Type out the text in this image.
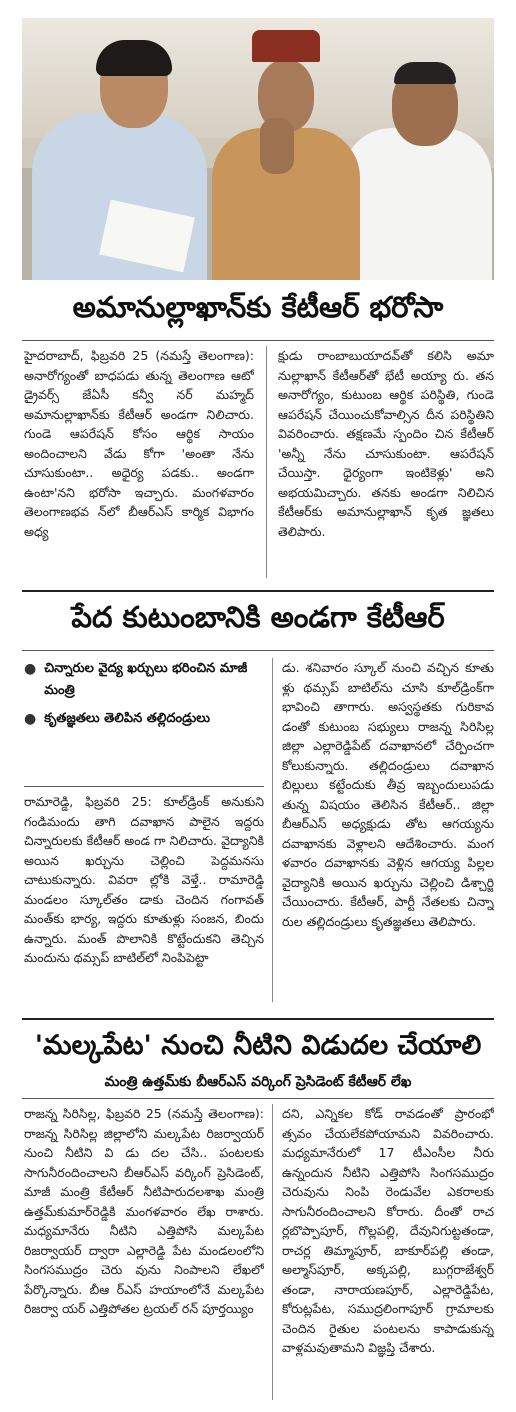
అమానుల్లాఖాన్‌కు కేటీఆర్ భరోసా

హైదరాబాద్, ఫిబ్రవరి 25 (నమస్తే తెలంగాణ): అనారోగ్యంతో బాధపడు తున్న తెలంగాణ ఆటో డ్రైవర్స్ జేఏసీ కన్వీ నర్ మహ్మద్ అమానుల్లాఖాన్‌కు కేటీఆర్ అండగా నిలిచారు. గుండె ఆపరేషన్ కోసం ఆర్థిక సాయం అందించాలని వేడు కోగా 'అంతా నేను చూసుకుంటా.. అధైర్య పడకు.. అండగా ఉంటా'నని భరోసా ఇచ్చారు. మంగళవారం తెలంగాణభవ న్‌లో బీఆర్ఎస్ కార్మిక విభాగం అధ్య

క్షుడు రాంబాబుయాదవ్‌తో కలిసి అమా నుల్లాఖాన్ కేటీఆర్‌తో భేటీ అయ్యా రు. తన అనారోగ్యం, కుటుంబ ఆర్థిక పరిస్థితి, గుండె ఆపరేషన్ చేయించుకోవాల్సిన దీన పరిస్థితిని వివరించారు. తక్షణమే స్పందిం చిన కేటీఆర్ 'అన్నీ నేను చూసుకుంటా. ఆపరేషన్ చేయిస్తా. ధైర్యంగా ఇంటికెళ్లు' అని అభయమిచ్చారు. తనకు అండగా నిలిచిన కేటీఆర్‌కు అమానుల్లాఖాన్ కృత జ్ఞతలు తెలిపారు.

పేద కుటుంబానికి అండగా కేటీఆర్
● చిన్నారుల వైద్య ఖర్చులు భరించిన మాజీ మంత్రి
● కృతజ్ఞతలు తెలిపిన తల్లిదండ్రులు

రామారెడ్డి, ఫిబ్రవరి 25: కూల్‌డ్రింక్ అనుకుని గండిమందు తాగి దవాఖాన పాలైన ఇద్దరు చిన్నారులకు కేటీఆర్ అండ గా నిలిచారు. వైద్యానికి అయిన ఖర్చును చెల్లించి పెద్దమనసు చాటుకున్నారు. వివరా ల్లోకి వెళ్తే.. రామారెడ్డి మండలం స్కూల్‌తం డాకు చెందిన గంగావత్ మంత్‌కు భార్య, ఇద్దరు కూతుళ్లు సంజన, బిందు ఉన్నారు. మంత్ పొలానికి కొట్టేందుకని తెచ్చిన మందును థమ్సప్ బాటిల్‌లో నింపిపెట్టా

డు. శనివారం స్కూల్ నుంచి వచ్చిన కూతు ళ్లు థమ్సప్ బాటిల్‌ను చూసి కూల్‌డ్రింక్‌గా భావించి తాగారు. అస్వస్థతకు గురికావ డంతో కుటుంబ సభ్యులు రాజన్న సిరిసిల్ల జిల్లా ఎల్లారెడ్డిపేట్ దవాఖానలో చేర్పించగా కోలుకున్నారు. తల్లిదండ్రులు దవాఖాన బిల్లులు కట్టేందుకు తీవ్ర ఇబ్బందులుపడు తున్న విషయం తెలిసిన కేటీఆర్.. జిల్లా బీఆర్ఎస్ అధ్యక్షుడు తోట ఆగయ్యను దవాఖానకు వెళ్లాలని ఆదేశించారు. మంగ ళవారం దవాఖానకు వెళ్లిన ఆగయ్య పిల్లల వైద్యానికి అయిన ఖర్చును చెల్లించి డిశ్చార్జి చేయించారు. కేటీఆర్, పార్టీ నేతలకు చిన్నా రుల తల్లిదండ్రులు కృతజ్ఞతలు తెలిపారు.

'మల్కపేట' నుంచి నీటిని విడుదల చేయాలి
మంత్రి ఉత్తమ్‌కు బీఆర్ఎస్ వర్కింగ్ ప్రెసిడెంట్ కేటీఆర్ లేఖ

రాజన్న సిరిసిల్ల, ఫిబ్రవరి 25 (నమస్తే తెలంగాణ): రాజన్న సిరిసిల్ల జిల్లాలోని మల్కపేట రిజర్వాయర్ నుంచి నీటిని వి డు దల చేసి.. పంటలకు సాగునీరందించాలని బీఆర్ఎస్ వర్కింగ్ ప్రెసిడెంట్, మాజీ మంత్రి కేటీఆర్ నీటిపారుదలశాఖ మంత్రి ఉత్తమ్‌కుమార్‌రెడ్డికి మంగళవారం లేఖ రాశారు. మధ్యమానేరు నీటిని ఎత్తిపోసి మల్కపేట రిజర్వాయర్ ద్వారా ఎల్లారెడ్డి పేట మండలంలోని సింగసముద్రం చెరు వును నింపాలని లేఖలో పేర్కొన్నారు. బీఆ ర్ఎస్ హయాంలోనే మల్కపేట రిజర్వా యర్ ఎత్తిపోతల ట్రయల్ రన్ పూర్తయ్యిం

దని, ఎన్నికల కోడ్ రావడంతో ప్రారంభో త్సవం చేయలేకపోయామని వివరించారు. మధ్యమానేరులో 17 టీఎంసీల నీరు ఉన్నందున నీటిని ఎత్తిపోసి సింగసముద్రం చెరువును నింపి రెండువేల ఎకరాలకు సాగునీరందించాలని కోరారు. దీంతో రాచ ర్లబొప్పాపూర్, గొల్లపల్లి, దేవునిగుట్టతండా, రాచర్ల తిమ్మాపూర్, బాకూర్‌పల్లి తండా, అల్మాస్‌పూర్, అక్కపల్లి, బుగ్గరాజేశ్వర్ తండా, నారాయణపూర్, ఎల్లారెడ్డిపేట, కోరుట్లపేట, సముద్రలింగాపూర్ గ్రామాలకు చెందిన రైతుల పంటలను కాపాడుకున్న వాళ్లమవుతామని విజ్ఞప్తి చేశారు.
